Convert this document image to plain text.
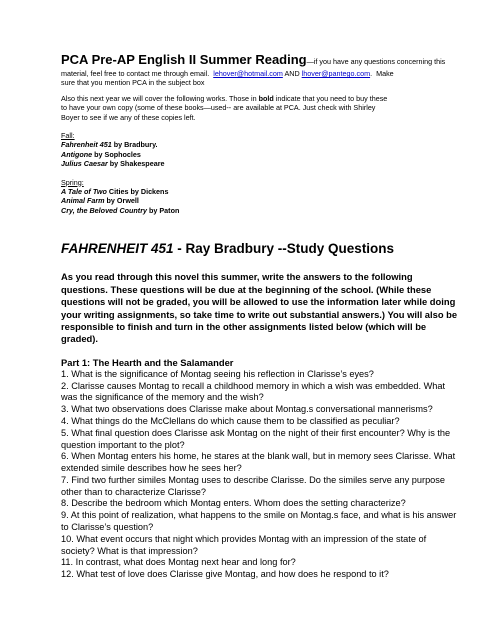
PCA Pre-AP English II Summer Reading—if you have any questions concerning this
material, feel free to contact me through email. lehover@hotmail.com AND lhover@pantego.com.  Make
sure that you mention PCA in the subject box
Also this next year we will cover the following works. Those in bold indicate that you need to buy these
to have your own copy (some of these books—used-- are available at PCA. Just check with Shirley
Boyer to see if we any of these copies left.
Fall:
Fahrenheit 451 by Bradbury.
Antigone by Sophocles
Julius Caesar by Shakespeare
Spring:
A Tale of Two Cities by Dickens
Animal Farm by Orwell
Cry, the Beloved Country by Paton
FAHRENHEIT 451 - Ray Bradbury --Study Questions
As you read through this novel this summer, write the answers to the following questions. These questions will be due at the beginning of the school. (While these questions will not be graded, you will be allowed to use the information later while doing your writing assignments, so take time to write out substantial answers.) You will also be responsible to finish and turn in the other assignments listed below (which will be graded).
Part 1: The Hearth and the Salamander

1. What is the significance of Montag seeing his reflection in Clarisse’s eyes?

2. Clarisse causes Montag to recall a childhood memory in which a wish was embedded. What was the significance of the memory and the wish?

3. What two observations does Clarisse make about Montag.s conversational mannerisms?

4. What things do the McClellans do which cause them to be classified as peculiar?

5. What final question does Clarisse ask Montag on the night of their first encounter? Why is the question important to the plot?

6. When Montag enters his home, he stares at the blank wall, but in memory sees Clarisse. What extended simile describes how he sees her?

7. Find two further similes Montag uses to describe Clarisse. Do the similes serve any purpose other than to characterize Clarisse?

8. Describe the bedroom which Montag enters. Whom does the setting characterize?

9. At this point of realization, what happens to the smile on Montag.s face, and what is his answer to Clarisse’s question?

10. What event occurs that night which provides Montag with an impression of the state of society? What is that impression?

11. In contrast, what does Montag next hear and long for?

12. What test of love does Clarisse give Montag, and how does he respond to it?
